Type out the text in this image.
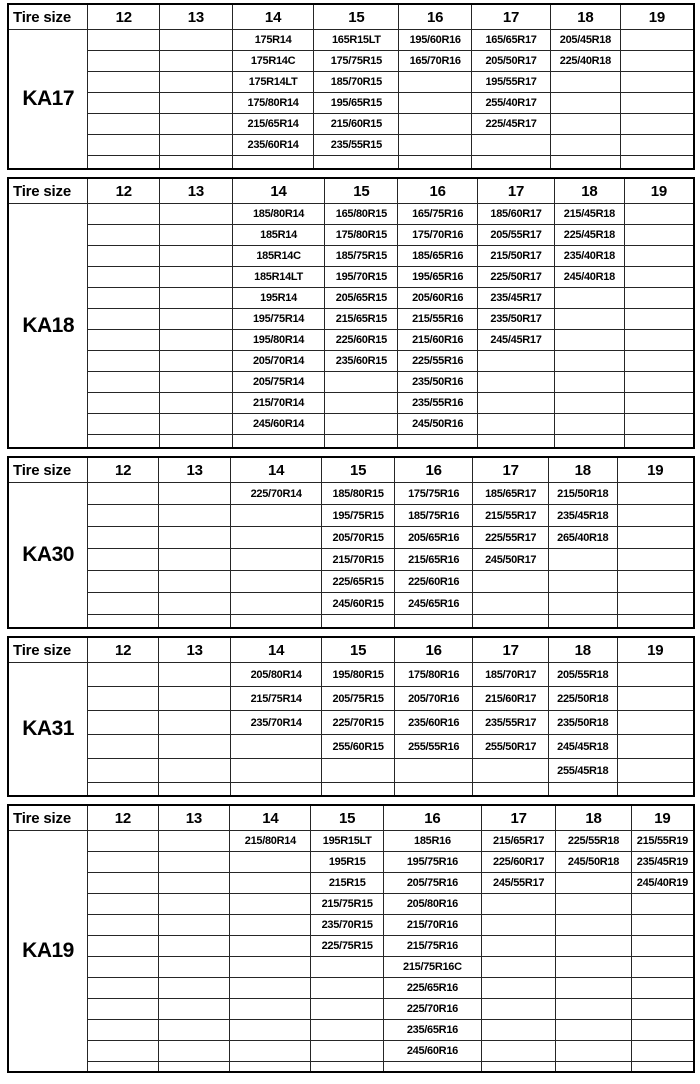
Tire size	12	13	14	15	16	17	18	19
KA17			175R14	165R15LT	195/60R16	165/65R17	205/45R18	
			175R14C	175/75R15	165/70R16	205/50R17	225/40R18	
			175R14LT	185/70R15		195/55R17		
			175/80R14	195/65R15		255/40R17		
			215/65R14	215/60R15		225/45R17		
			235/60R14	235/55R15				

Tire size	12	13	14	15	16	17	18	19
KA18			185/80R14	165/80R15	165/75R16	185/60R17	215/45R18	
			185R14	175/80R15	175/70R16	205/55R17	225/45R18	
			185R14C	185/75R15	185/65R16	215/50R17	235/40R18	
			185R14LT	195/70R15	195/65R16	225/50R17	245/40R18	
			195R14	205/65R15	205/60R16	235/45R17		
			195/75R14	215/65R15	215/55R16	235/50R17		
			195/80R14	225/60R15	215/60R16	245/45R17		
			205/70R14	235/60R15	225/55R16			
			205/75R14		235/50R16			
			215/70R14		235/55R16			
			245/60R14		245/50R16			

Tire size	12	13	14	15	16	17	18	19
KA30			225/70R14	185/80R15	175/75R16	185/65R17	215/50R18	
				195/75R15	185/75R16	215/55R17	235/45R18	
				205/70R15	205/65R16	225/55R17	265/40R18	
				215/70R15	215/65R16	245/50R17		
				225/65R15	225/60R16			
				245/60R15	245/65R16			

Tire size	12	13	14	15	16	17	18	19
KA31			205/80R14	195/80R15	175/80R16	185/70R17	205/55R18	
			215/75R14	205/75R15	205/70R16	215/60R17	225/50R18	
			235/70R14	225/70R15	235/60R16	235/55R17	235/50R18	
				255/60R15	255/55R16	255/50R17	245/45R18	
							255/45R18	

Tire size	12	13	14	15	16	17	18	19
KA19			215/80R14	195R15LT	185R16	215/65R17	225/55R18	215/55R19
				195R15	195/75R16	225/60R17	245/50R18	235/45R19
				215R15	205/75R16	245/55R17		245/40R19
				215/75R15	205/80R16			
				235/70R15	215/70R16			
				225/75R15	215/75R16			
					215/75R16C			
					225/65R16			
					225/70R16			
					235/65R16			
					245/60R16			
